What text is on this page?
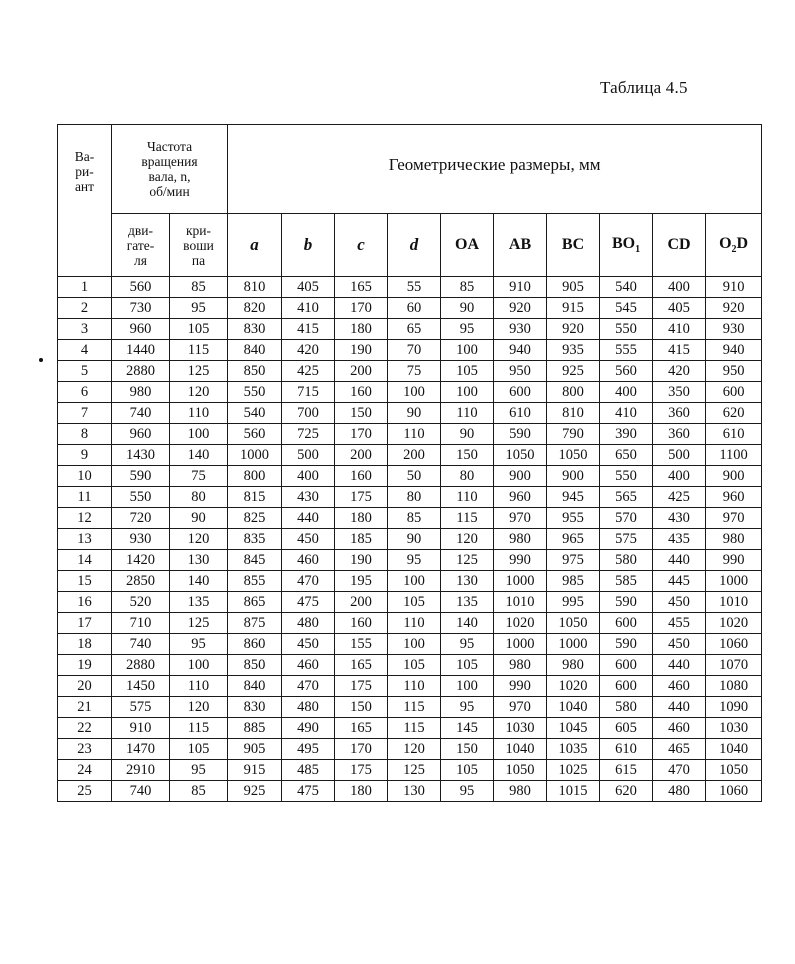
Таблица 4.5
Ва-
ри-
ант	Частота
вращения
вала, n,
об/мин		Геометрические размеры, мм									
	дви-
гате-
ля	кри-
воши
па	a	b	c	d	OA	AB	BC	$BO_1$	CD	$O_2D$
1	560	85	810	405	165	55	85	910	905	540	400	910
2	730	95	820	410	170	60	90	920	915	545	405	920
3	960	105	830	415	180	65	95	930	920	550	410	930
4	1440	115	840	420	190	70	100	940	935	555	415	940
5	2880	125	850	425	200	75	105	950	925	560	420	950
6	980	120	550	715	160	100	100	600	800	400	350	600
7	740	110	540	700	150	90	110	610	810	410	360	620
8	960	100	560	725	170	110	90	590	790	390	360	610
9	1430	140	1000	500	200	200	150	1050	1050	650	500	1100
10	590	75	800	400	160	50	80	900	900	550	400	900
11	550	80	815	430	175	80	110	960	945	565	425	960
12	720	90	825	440	180	85	115	970	955	570	430	970
13	930	120	835	450	185	90	120	980	965	575	435	980
14	1420	130	845	460	190	95	125	990	975	580	440	990
15	2850	140	855	470	195	100	130	1000	985	585	445	1000
16	520	135	865	475	200	105	135	1010	995	590	450	1010
17	710	125	875	480	160	110	140	1020	1050	600	455	1020
18	740	95	860	450	155	100	95	1000	1000	590	450	1060
19	2880	100	850	460	165	105	105	980	980	600	440	1070
20	1450	110	840	470	175	110	100	990	1020	600	460	1080
21	575	120	830	480	150	115	95	970	1040	580	440	1090
22	910	115	885	490	165	115	145	1030	1045	605	460	1030
23	1470	105	905	495	170	120	150	1040	1035	610	465	1040
24	2910	95	915	485	175	125	105	1050	1025	615	470	1050
25	740	85	925	475	180	130	95	980	1015	620	480	1060
